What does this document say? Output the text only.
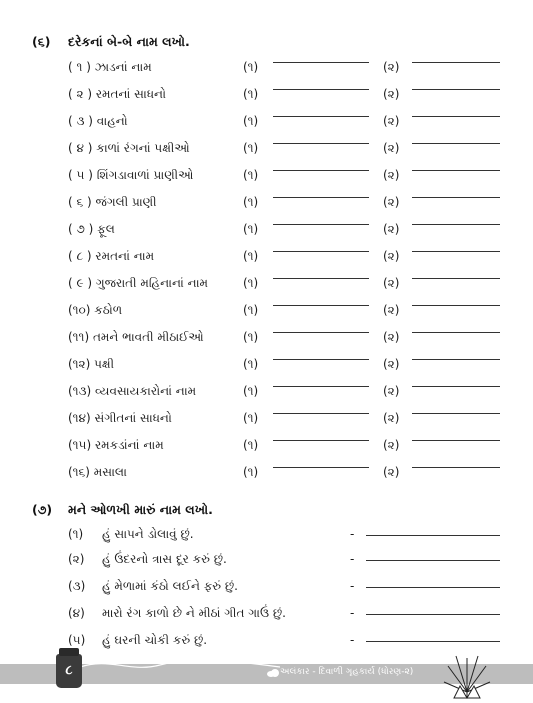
(૬) દરેકનાં બે-બે નામ લખો.
( ૧ ) ઝાડનાં નામ	(૧)	(૨)
( ૨ ) રમતનાં સાધનો	(૧)	(૨)
( ૩ ) વાહનો	(૧)	(૨)
( ૪ ) કાળાં રંગનાં પક્ષીઓ	(૧)	(૨)
( ૫ ) શિંગડાવાળાં પ્રાણીઓ	(૧)	(૨)
( ૬ ) જંગલી પ્રાણી	(૧)	(૨)
( ૭ ) ફૂલ	(૧)	(૨)
( ૮ ) રમતનાં નામ	(૧)	(૨)
( ૯ ) ગુજરાતી મહિનાનાં નામ	(૧)	(૨)
(૧૦) કઠોળ	(૧)	(૨)
(૧૧) તમને ભાવતી મીઠાઈઓ	(૧)	(૨)
(૧૨) પક્ષી	(૧)	(૨)
(૧૩) વ્યવસાયકારોનાં નામ	(૧)	(૨)
(૧૪) સંગીતનાં સાધનો	(૧)	(૨)
(૧૫) રમકડાંનાં નામ	(૧)	(૨)
(૧૬) મસાલા	(૧)	(૨)
(૭) મને ઓળખી મારું નામ લખો.
(૧) હું સાપને ડોલાવું છું.	-
(૨) હું ઉંદરનો ત્રાસ દૂર કરું છું.	-
(૩) હું મેળામાં કંઠો લઈને ફરું છું.	-
(૪) મારો રંગ કાળો છે ને મીઠાં ગીત ગાઉં છું.	-
(૫) હું ઘરની ચોકી કરું છું.	-
૮	અલંકાર - દિવાળી ગૃહકાર્ય (ધોરણ-૨)
